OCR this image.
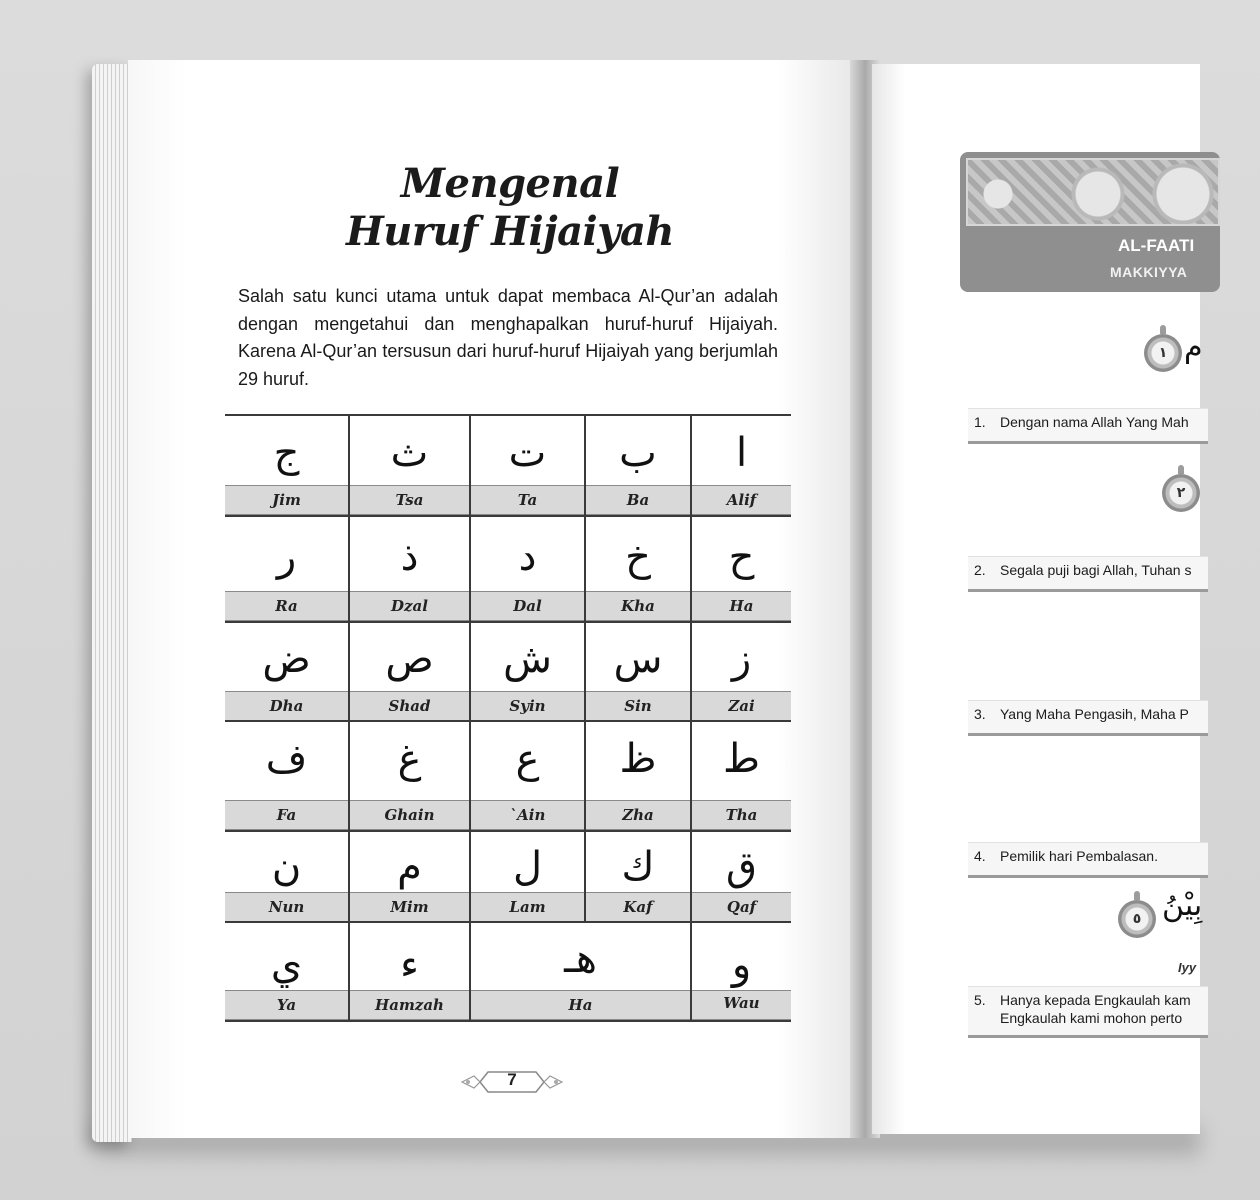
Mengenal
Huruf Hijaiyah
Salah satu kunci utama untuk dapat membaca Al-Qur’an adalah dengan mengetahui dan menghapalkan huruf-huruf Hijaiyah. Karena Al-Qur’an tersusun dari huruf-huruf Hijaiyah yang berjumlah 29 huruf.
ج	ث	ت	ب	ا
Jim	Tsa	Ta	Ba	Alif
ر	ذ	د	خ	ح
Ra	Dzal	Dal	Kha	Ha
ض	ص	ش	س	ز
Dha	Shad	Syin	Sin	Zai
ف	غ	ع	ظ	ط
Fa	Ghain	`Ain	Zha	Tha
ن	م	ل	ك	ق
Nun	Mim	Lam	Kaf	Qaf
ي	ء	هـ	و
Ya	Hamzah	Ha	Wau
7
AL-FAATI
MAKKIYYA
١ م
1. Dengan nama Allah Yang Mah
٢
2. Segala puji bagi Allah, Tuhan s
3. Yang Maha Pengasih, Maha P
4. Pemilik hari Pembalasan.
٥ بِيْنُ
Iyy
5. Hanya kepada Engkaulah kam
Engkaulah kami mohon perto
